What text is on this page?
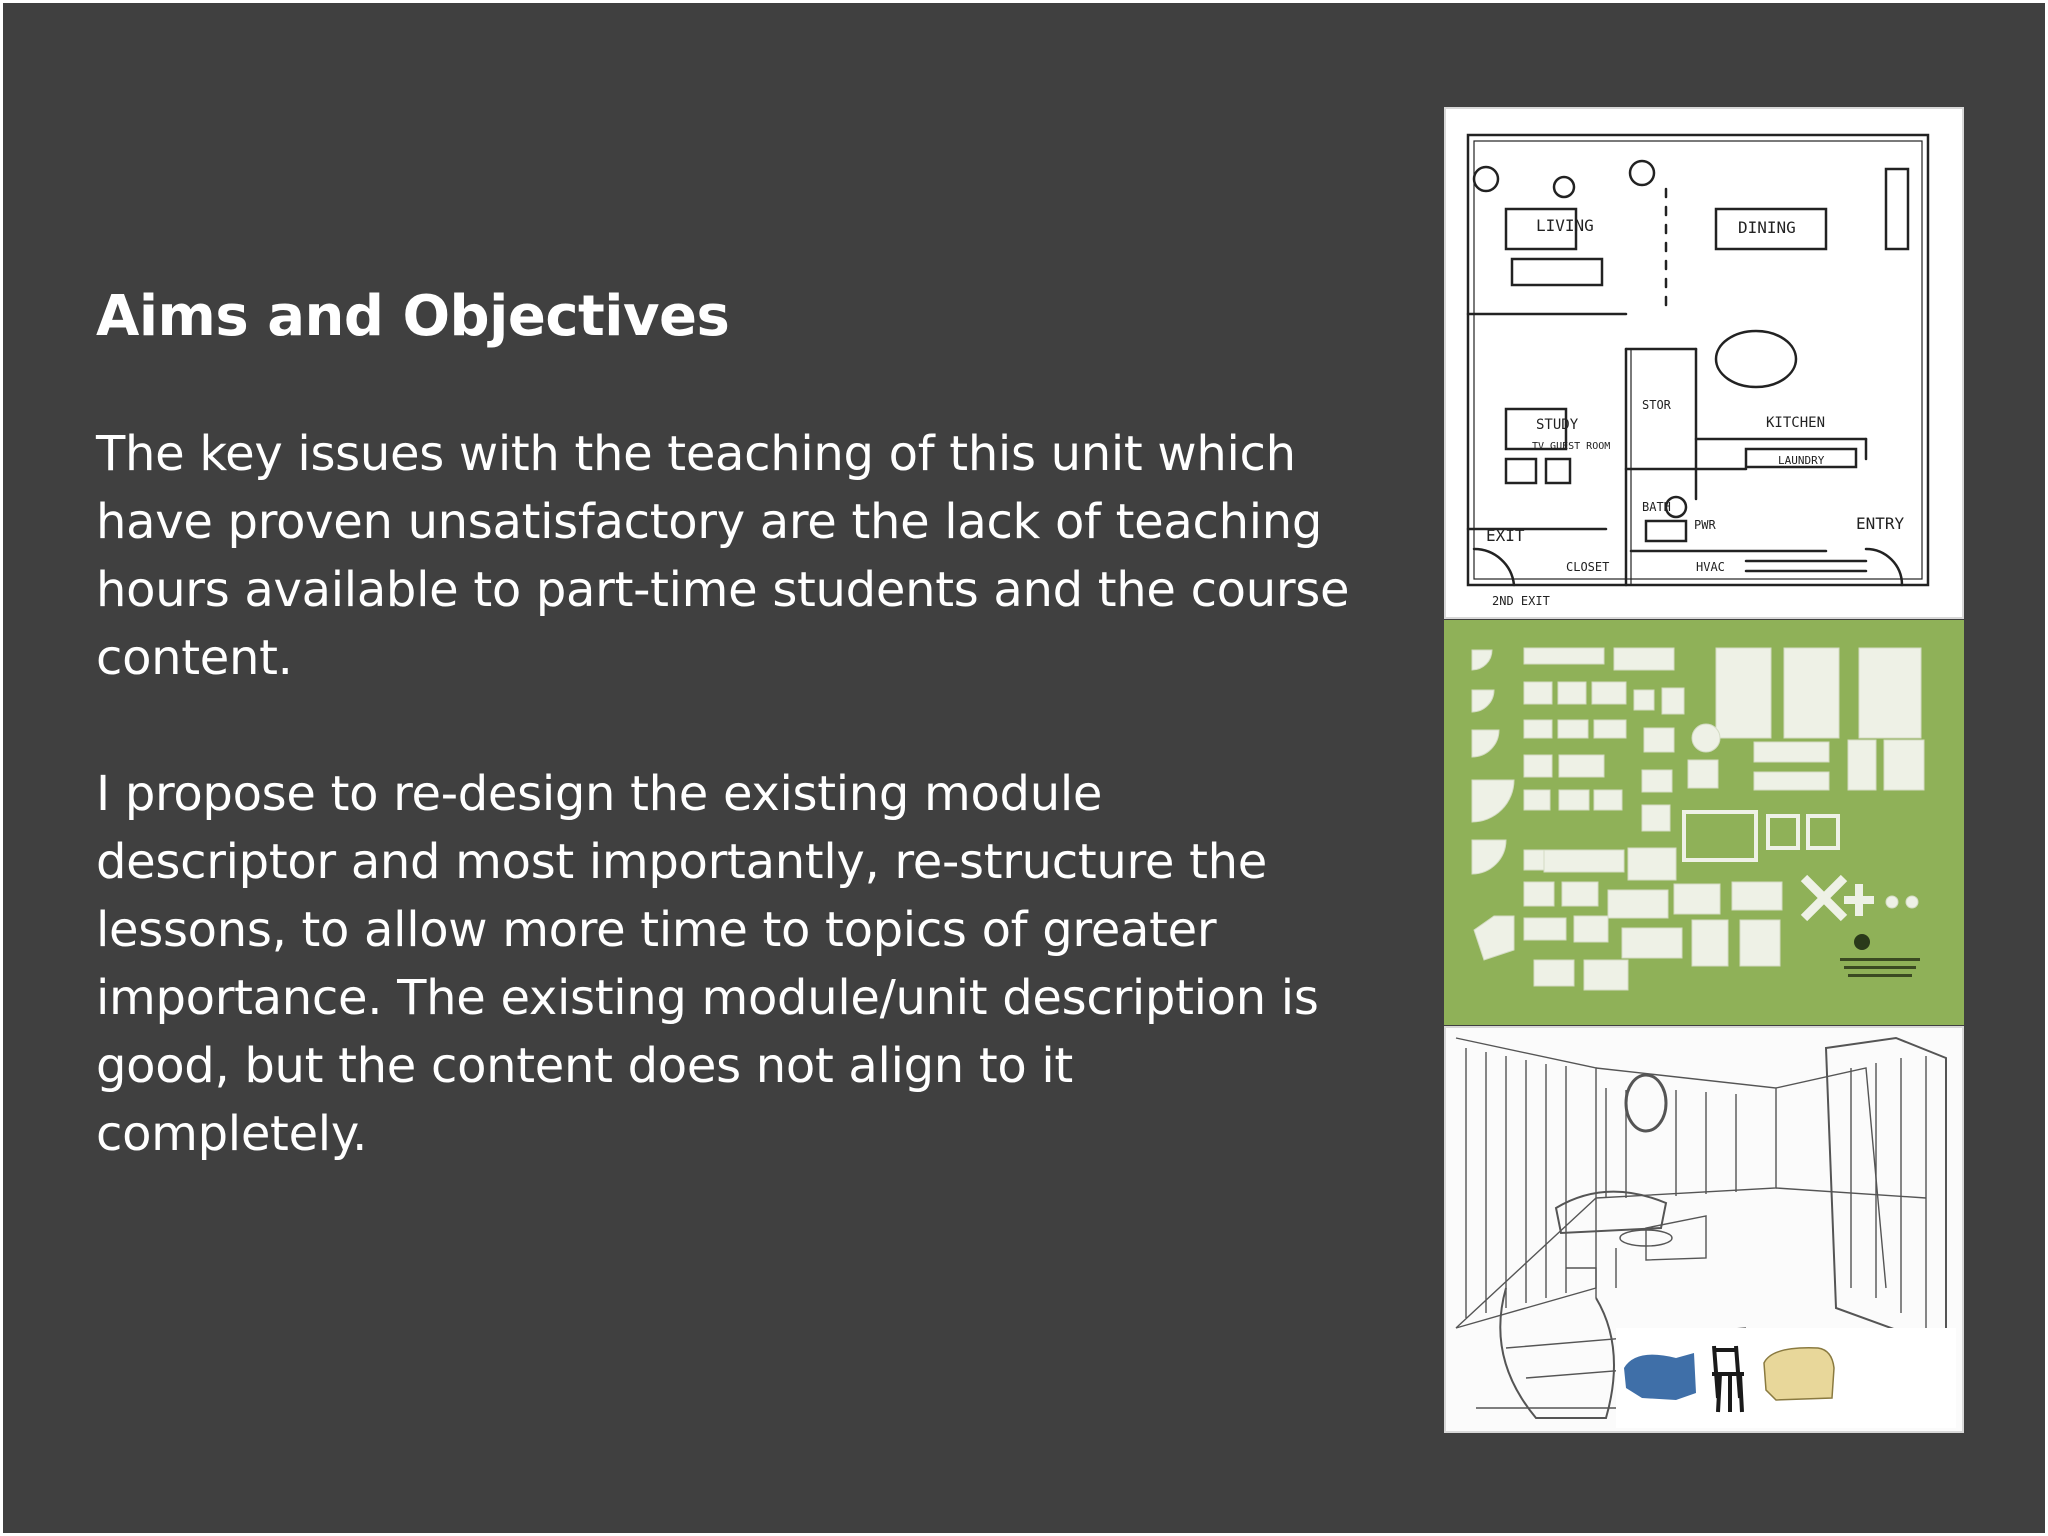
Aims and Objectives

The key issues with the teaching of this unit which have proven unsatisfactory are the lack of teaching hours available to part-time students and the course content.

I propose to re-design the existing module descriptor and most importantly, re-structure the lessons, to allow more time to topics of greater importance. The existing module/unit description is good, but the content does not align to it completely.

LIVING	DINING
STUDY
TV GUEST ROOM
STOR
KITCHEN
LAUNDRY
BATH
PWR
EXIT
CLOSET	HVAC
ENTRY
2ND EXIT
